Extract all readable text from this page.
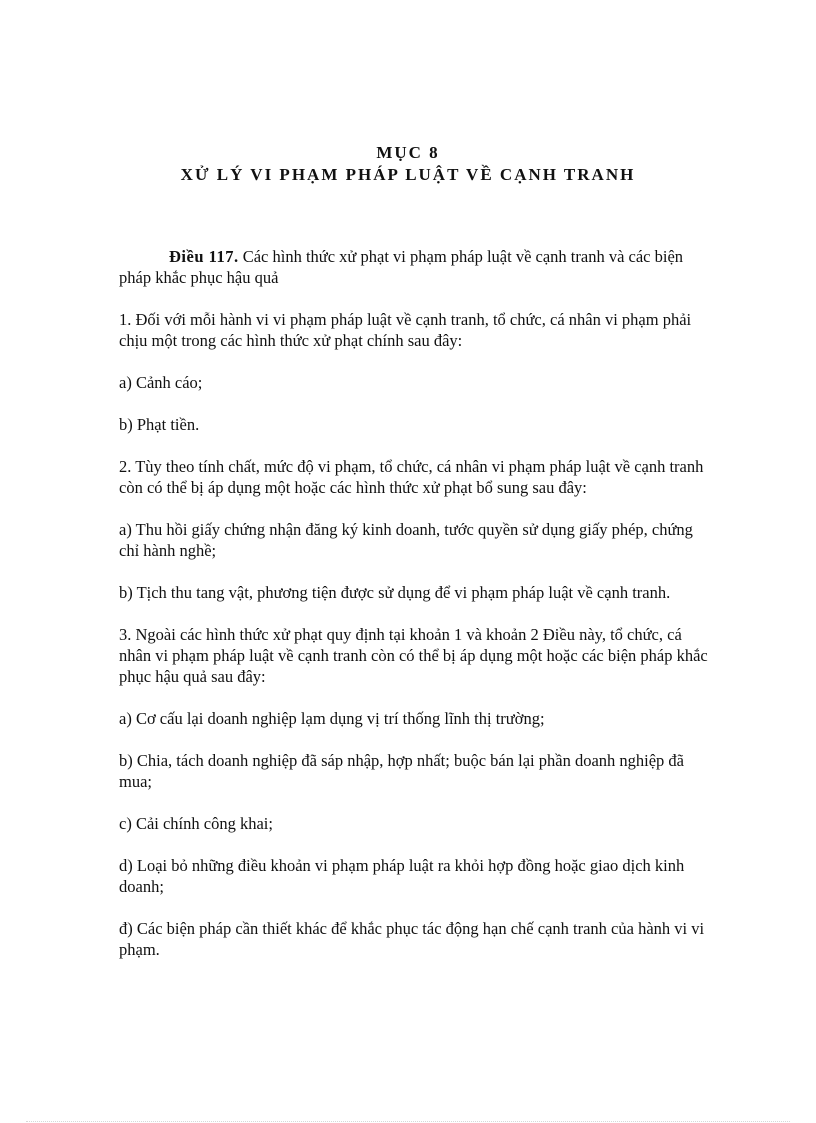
MỤC 8
XỬ LÝ VI PHẠM PHÁP LUẬT VỀ CẠNH TRANH

Điều 117. Các hình thức xử phạt vi phạm pháp luật về cạnh tranh và các biện pháp khắc phục hậu quả

1. Đối với mỗi hành vi vi phạm pháp luật về cạnh tranh, tổ chức, cá nhân vi phạm phải chịu một trong các hình thức xử phạt chính sau đây:

a) Cảnh cáo;

b) Phạt tiền.

2. Tùy theo tính chất, mức độ vi phạm, tổ chức, cá nhân vi phạm pháp luật về cạnh tranh còn có thể bị áp dụng một hoặc các hình thức xử phạt bổ sung sau đây:

a) Thu hồi giấy chứng nhận đăng ký kinh doanh, tước quyền sử dụng giấy phép, chứng chỉ hành nghề;

b) Tịch thu tang vật, phương tiện được sử dụng để vi phạm pháp luật về cạnh tranh.

3. Ngoài các hình thức xử phạt quy định tại khoản 1 và khoản 2 Điều này, tổ chức, cá nhân vi phạm pháp luật về cạnh tranh còn có thể bị áp dụng một hoặc các biện pháp khắc phục hậu quả sau đây:

a) Cơ cấu lại doanh nghiệp lạm dụng vị trí thống lĩnh thị trường;

b) Chia, tách doanh nghiệp đã sáp nhập, hợp nhất; buộc bán lại phần doanh nghiệp đã mua;

c) Cải chính công khai;

d) Loại bỏ những điều khoản vi phạm pháp luật ra khỏi hợp đồng hoặc giao dịch kinh doanh;

đ) Các biện pháp cần thiết khác để khắc phục tác động hạn chế cạnh tranh của hành vi vi phạm.
